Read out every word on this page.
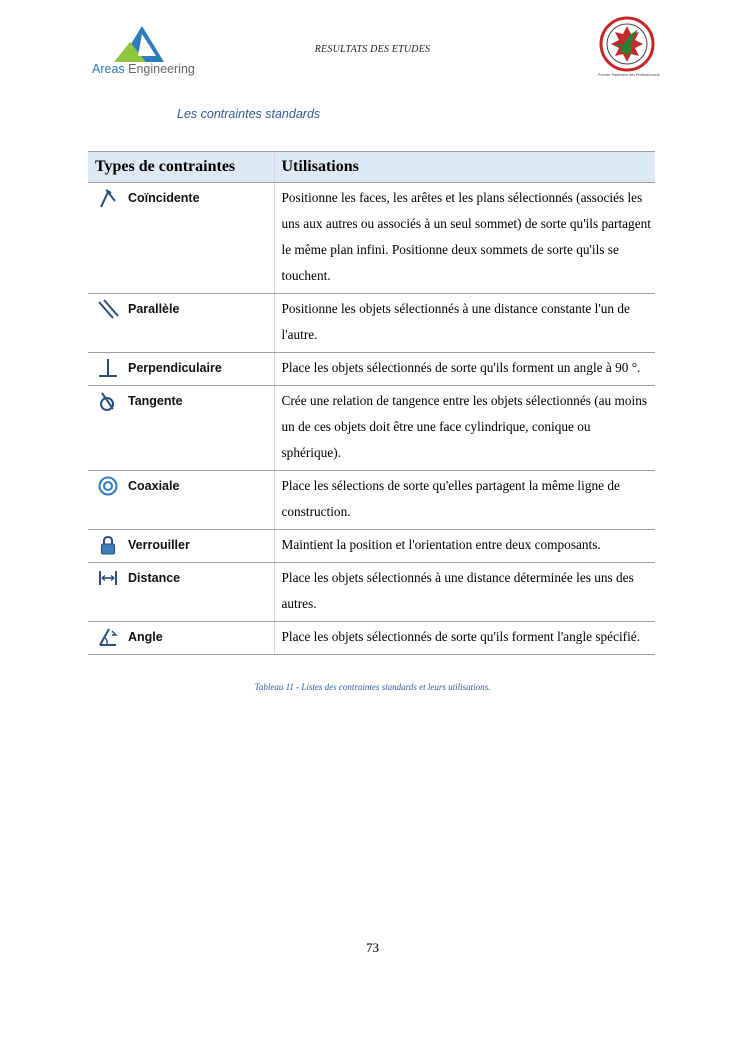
Areas Engineering
RESULTATS DES ETUDES
Premier Partenaire des Professionnels
Les contraintes standards
Types de contraintes	Utilisations

Coïncidente	Positionne les faces, les arêtes et les plans sélectionnés (associés les uns aux autres ou associés à un seul sommet) de sorte qu'ils partagent le même plan infini. Positionne deux sommets de sorte qu'ils se touchent.

Parallèle	Positionne les objets sélectionnés à une distance constante l'un de l'autre.

Perpendiculaire	Place les objets sélectionnés de sorte qu'ils forment un angle à 90 °.

Tangente	Crée une relation de tangence entre les objets sélectionnés (au moins un de ces objets doit être une face cylindrique, conique ou sphérique).

Coaxiale	Place les sélections de sorte qu'elles partagent la même ligne de construction.

Verrouiller	Maintient la position et l'orientation entre deux composants.

Distance	Place les objets sélectionnés à une distance déterminée les uns des autres.

Angle	Place les objets sélectionnés de sorte qu'ils forment l'angle spécifié.
Tableau 11 - Listes des contraintes standards et leurs utilisations.
73
